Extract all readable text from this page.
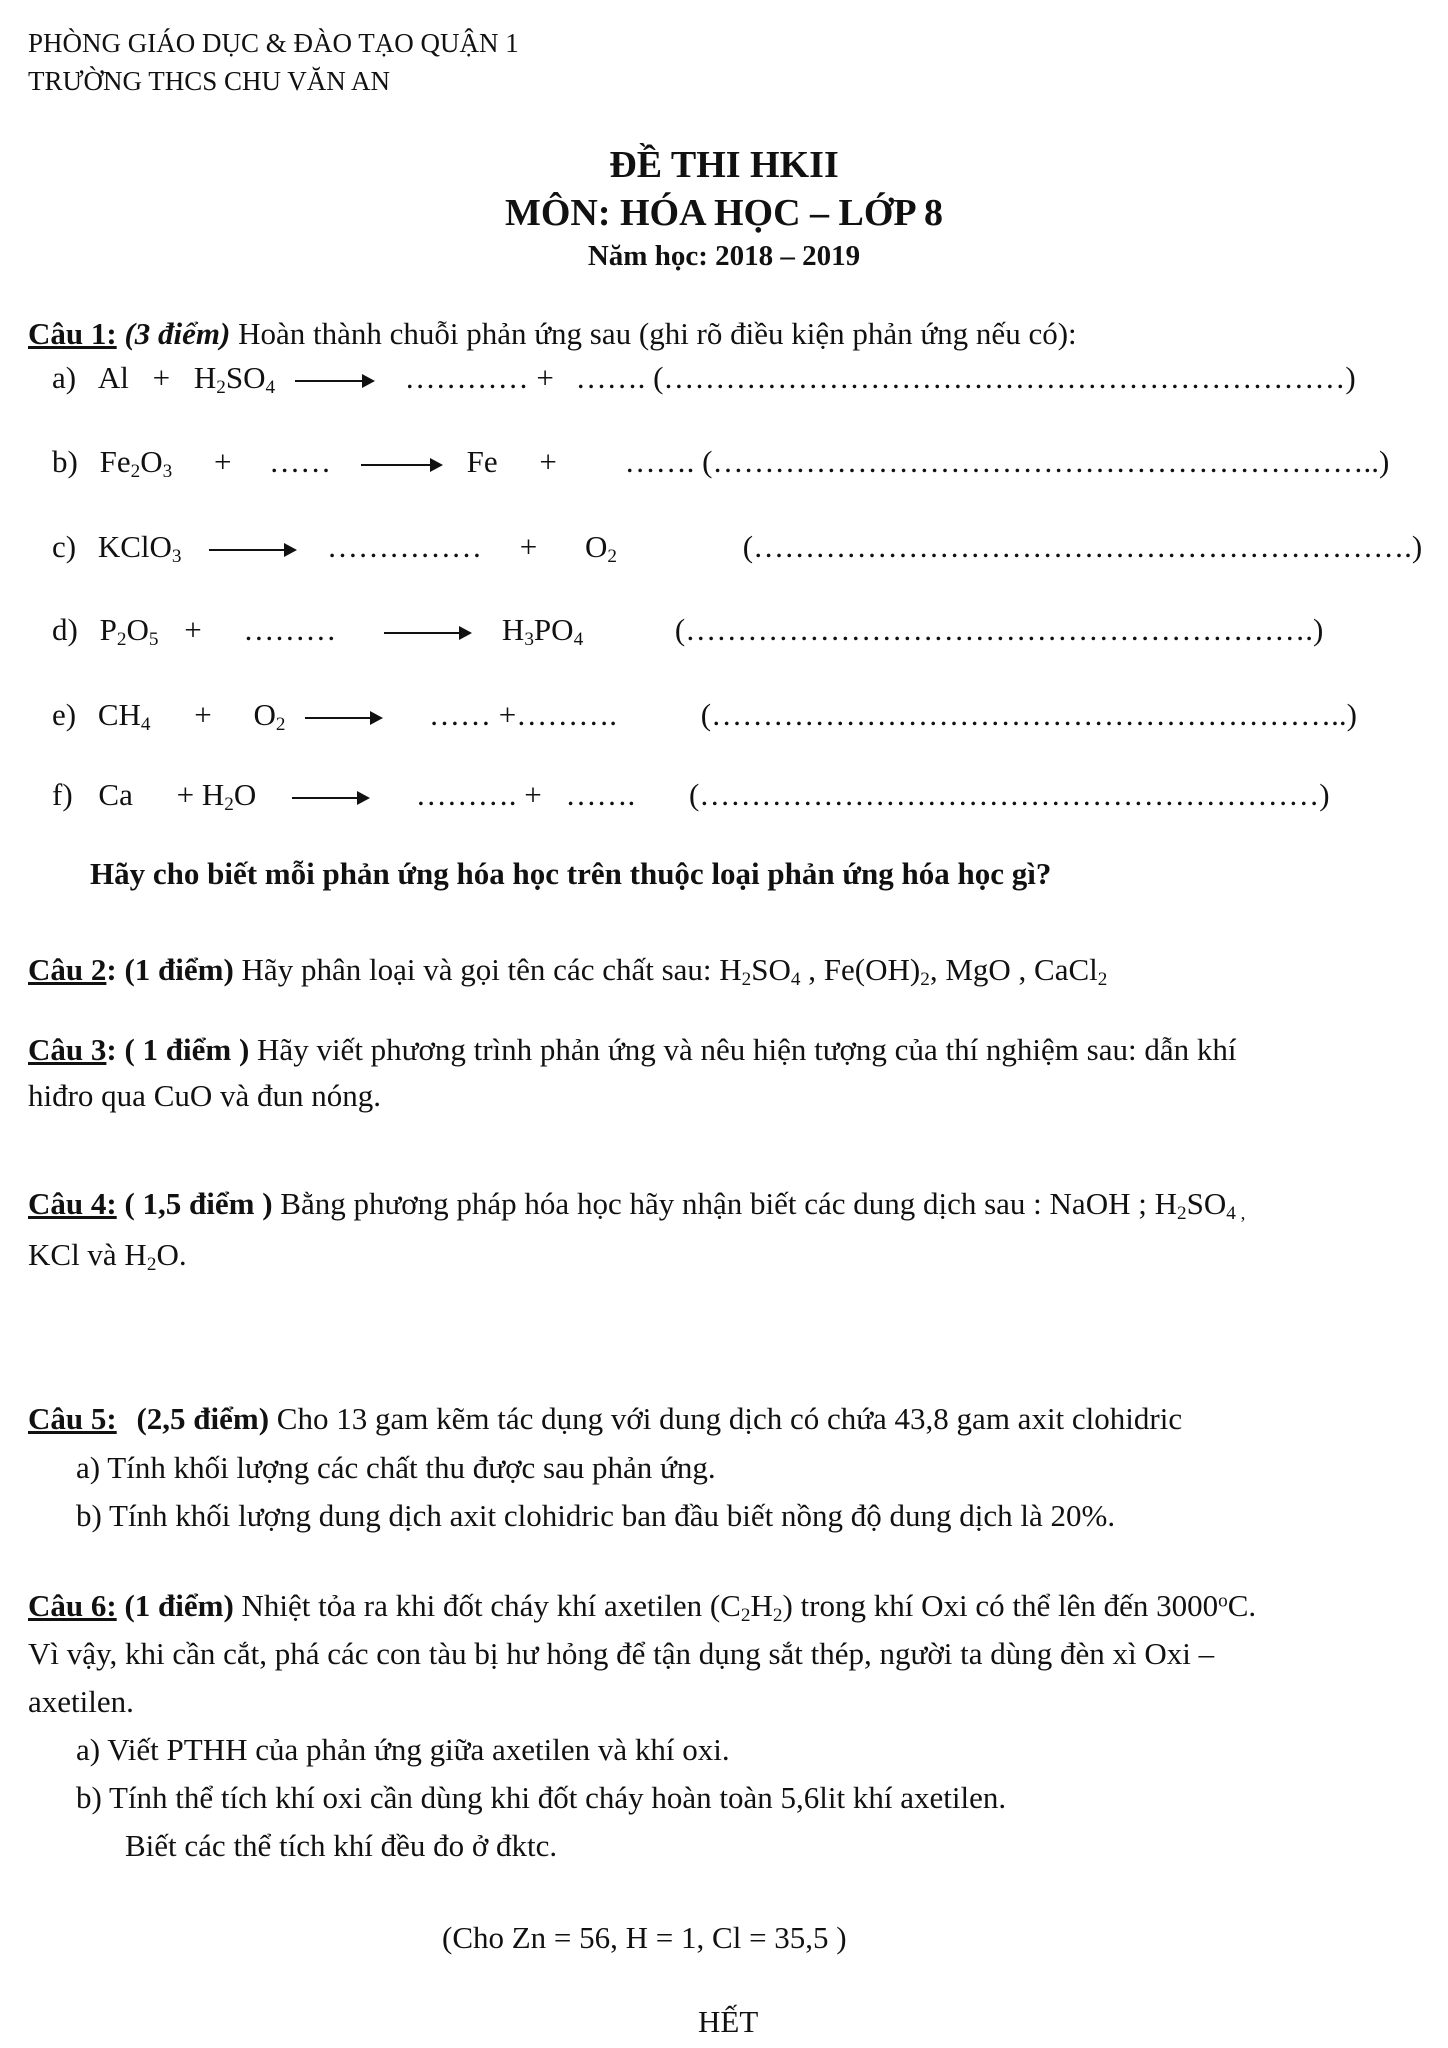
PHÒNG GIÁO DỤC & ĐÀO TẠO QUẬN 1
TRƯỜNG THCS CHU VĂN AN
ĐỀ THI HKII
MÔN: HÓA HỌC – LỚP 8
Năm học: 2018 – 2019
Câu 1: (3 điểm) Hoàn thành chuỗi phản ứng sau (ghi rõ điều kiện phản ứng nếu có):
a) $Al + H_2SO_4$ → ………… + ……. (…………………………………………………………)
b) $Fe_2O_3$ + …… → Fe + ……. (………………………………………………………..)
c) KClO$_3$ → …………… + $O_2$	(……………………………………………………….)
d) $P_2O_5$ + ……… → $H_3PO_4$	(…………………………………………………….)
e) $CH_4 + O_2$ → …… +……….	(……………………………………………………..)
f) $Ca + H_2O$ → ………. + ……. (……………………………………………………)
Hãy cho biết mỗi phản ứng hóa học trên thuộc loại phản ứng hóa học gì?
Câu 2: (1 điểm) Hãy phân loại và gọi tên các chất sau: $H_2SO_4$ , $Fe(OH)_2$, MgO , CaCl$_2$
Câu 3: ( 1 điểm ) Hãy viết phương trình phản ứng và nêu hiện tượng của thí nghiệm sau: dẫn khí
hiđro qua CuO và đun nóng.
Câu 4: ( 1,5 điểm ) Bằng phương pháp hóa học hãy nhận biết các dung dịch sau : NaOH ; $H_2SO_{4 ,}$
KCl và $H_2O$.
Câu 5: (2,5 điểm) Cho 13 gam kẽm tác dụng với dung dịch có chứa 43,8 gam axit clohidric
a) Tính khối lượng các chất thu được sau phản ứng.
b) Tính khối lượng dung dịch axit clohidric ban đầu biết nồng độ dung dịch là 20%.
Câu 6: (1 điểm) Nhiệt tỏa ra khi đốt cháy khí axetilen $(C_2H_2)$ trong khí Oxi có thể lên đến 3000$^o$C.
Vì vậy, khi cần cắt, phá các con tàu bị hư hỏng để tận dụng sắt thép, người ta dùng đèn xì Oxi –
axetilen.
a) Viết PTHH của phản ứng giữa axetilen và khí oxi.
b) Tính thể tích khí oxi cần dùng khi đốt cháy hoàn toàn 5,6lit khí axetilen.
Biết các thể tích khí đều đo ở đktc.
(Cho Zn = 56, H = 1, Cl = 35,5 )
HẾT
